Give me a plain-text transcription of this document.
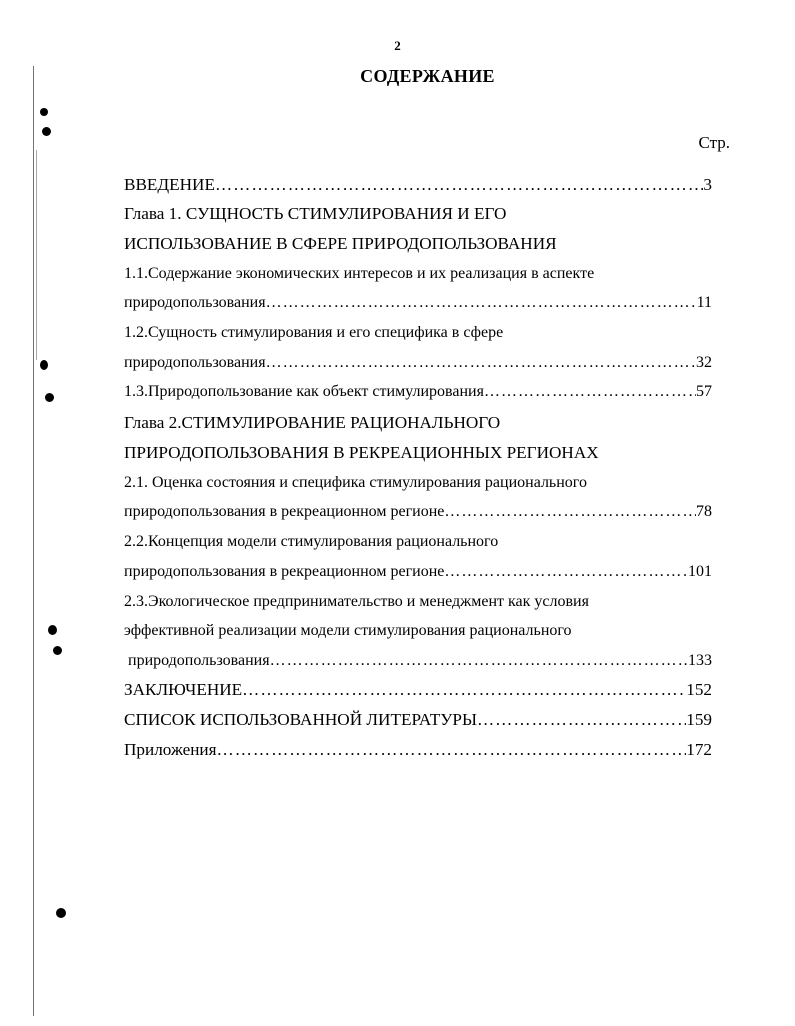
2
СОДЕРЖАНИЕ
Стр.
ВВЕДЕНИЕ …………………………………………………………………………………………………………………………………………………………	3
Глава 1. СУЩНОСТЬ СТИМУЛИРОВАНИЯ И ЕГО
ИСПОЛЬЗОВАНИЕ В СФЕРЕ ПРИРОДОПОЛЬЗОВАНИЯ
1.1.Содержание экономических интересов и их реализация в аспекте
природопользования …………………………………………………………………………………………………………………………………………………………	11
1.2.Сущность стимулирования и его специфика в сфере
природопользования …………………………………………………………………………………………………………………………………………………………	32
1.3.Природопользование как объект стимулирования …………………………………………………………………………………………………………………………………………………………	57
Глава 2.СТИМУЛИРОВАНИЕ РАЦИОНАЛЬНОГО
ПРИРОДОПОЛЬЗОВАНИЯ В РЕКРЕАЦИОННЫХ РЕГИОНАХ
2.1. Оценка состояния и специфика стимулирования рационального
природопользования в рекреационном регионе …………………………………………………………………………………………………………………………………………………………	78
2.2.Концепция модели стимулирования рационального
природопользования в рекреационном регионе …………………………………………………………………………………………………………………………………………………………	101
2.3.Экологическое предпринимательство и менеджмент как условия
эффективной реализации модели стимулирования рационального
природопользования …………………………………………………………………………………………………………………………………………………………	133
ЗАКЛЮЧЕНИЕ …………………………………………………………………………………………………………………………………………………………	152
СПИСОК ИСПОЛЬЗОВАННОЙ ЛИТЕРАТУРЫ …………………………………………………………………………………………………………………………………………………………	159
Приложения …………………………………………………………………………………………………………………………………………………………	172
